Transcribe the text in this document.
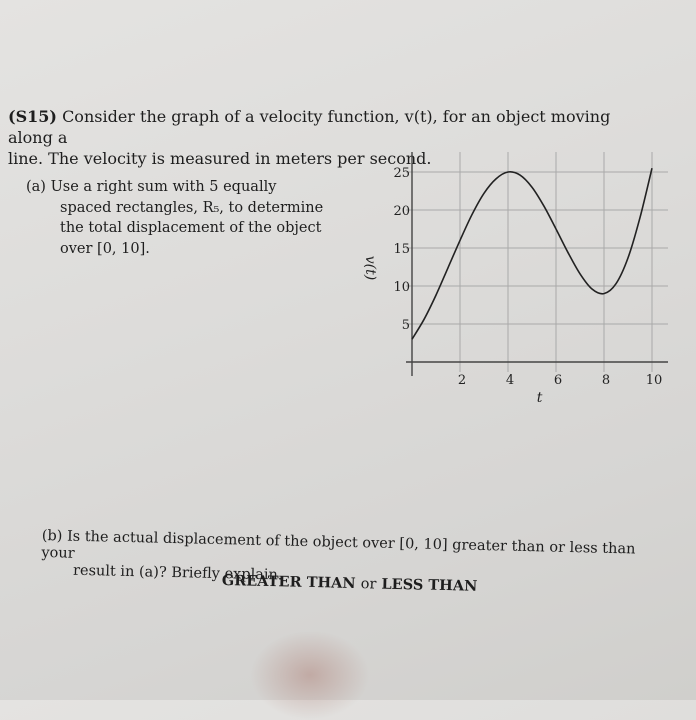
(S15) Consider the graph of a velocity function, v(t), for an object moving along a
line. The velocity is measured in meters per second.
(a) Use a right sum with 5 equally
spaced rectangles, R₅, to determine
the total displacement of the object
over [0, 10].
2	4	6	8	10
5
10
15
20
25
t
v(t)
(b) Is the actual displacement of the object over [0, 10] greater than or less than your
result in (a)? Briefly explain.
GREATER THAN or LESS THAN
